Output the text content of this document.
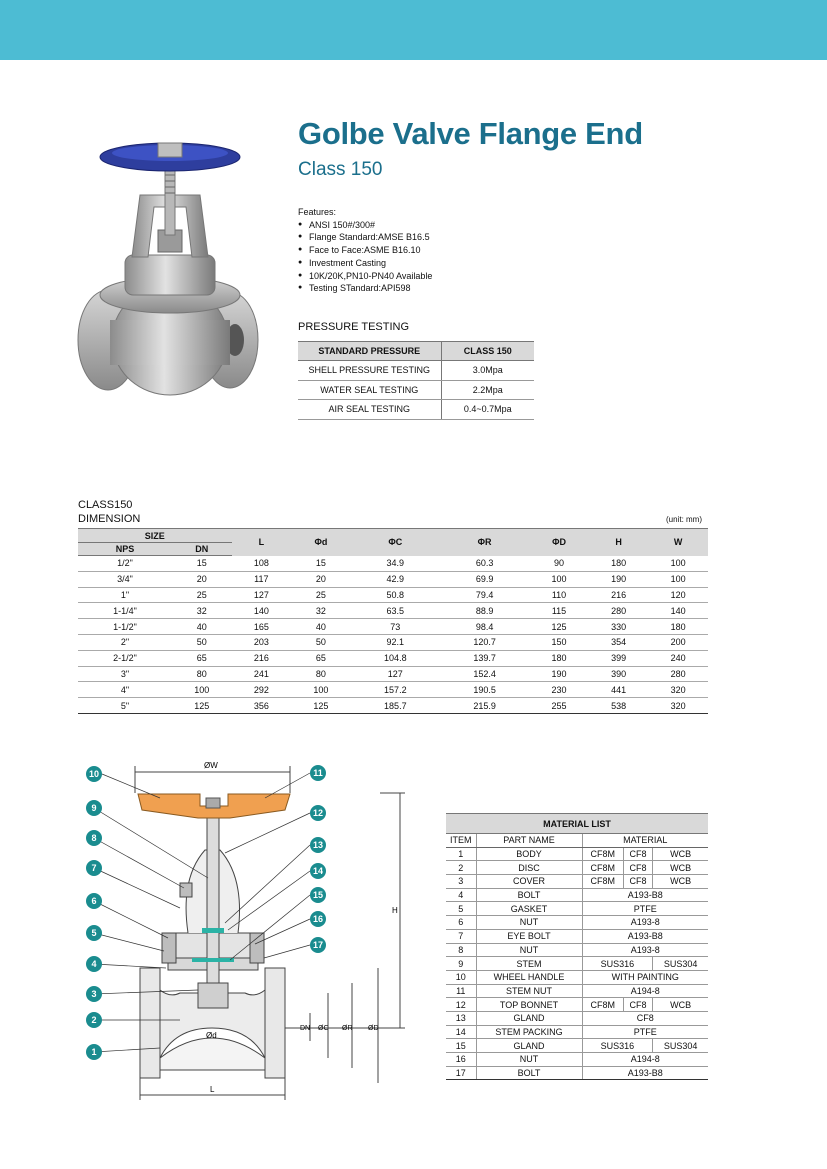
Golbe Valve Flange End
Class 150
Features:
● ANSI 150#/300#
● Flange Standard:AMSE B16.5
● Face to Face:ASME B16.10
● Investment Casting
● 10K/20K,PN10-PN40 Available
● Testing STandard:API598
PRESSURE TESTING
STANDARD PRESSURE	CLASS 150
SHELL PRESSURE TESTING	3.0Mpa
WATER SEAL TESTING	2.2Mpa
AIR SEAL TESTING	0.4~0.7Mpa
CLASS150
DIMENSION	(unit: mm)
SIZE		L	Φd	ΦC	ΦR	ΦD	H	W
NPS	DN							
1/2"	15	108	15	34.9	60.3	90	180	100
3/4"	20	117	20	42.9	69.9	100	190	100
1"	25	127	25	50.8	79.4	110	216	120
1-1/4"	32	140	32	63.5	88.9	115	280	140
1-1/2"	40	165	40	73	98.4	125	330	180
2"	50	203	50	92.1	120.7	150	354	200
2-1/2"	65	216	65	104.8	139.7	180	399	240
3"	80	241	80	127	152.4	190	390	280
4"	100	292	100	157.2	190.5	230	441	320
5"	125	356	125	185.7	215.9	255	538	320
ØW
L
H
Ød
DN ØC ØR ØD
10
9
8
7
6
5
4
3
2
1
11
12
13
14
15
16
17
MATERIAL LIST				
ITEM	PART NAME	MATERIAL		
1	BODY	CF8M	CF8	WCB
2	DISC	CF8M	CF8	WCB
3	COVER	CF8M	CF8	WCB
4	BOLT	A193-B8		
5	GASKET	PTFE		
6	NUT	A193-8		
7	EYE BOLT	A193-B8		
8	NUT	A193-8		
9	STEM	SUS316		SUS304
10	WHEEL HANDLE	WITH PAINTING		
11	STEM NUT	A194-8		
12	TOP BONNET	CF8M	CF8	WCB
13	GLAND	CF8		
14	STEM PACKING	PTFE		
15	GLAND	SUS316		SUS304
16	NUT	A194-8		
17	BOLT	A193-B8		
